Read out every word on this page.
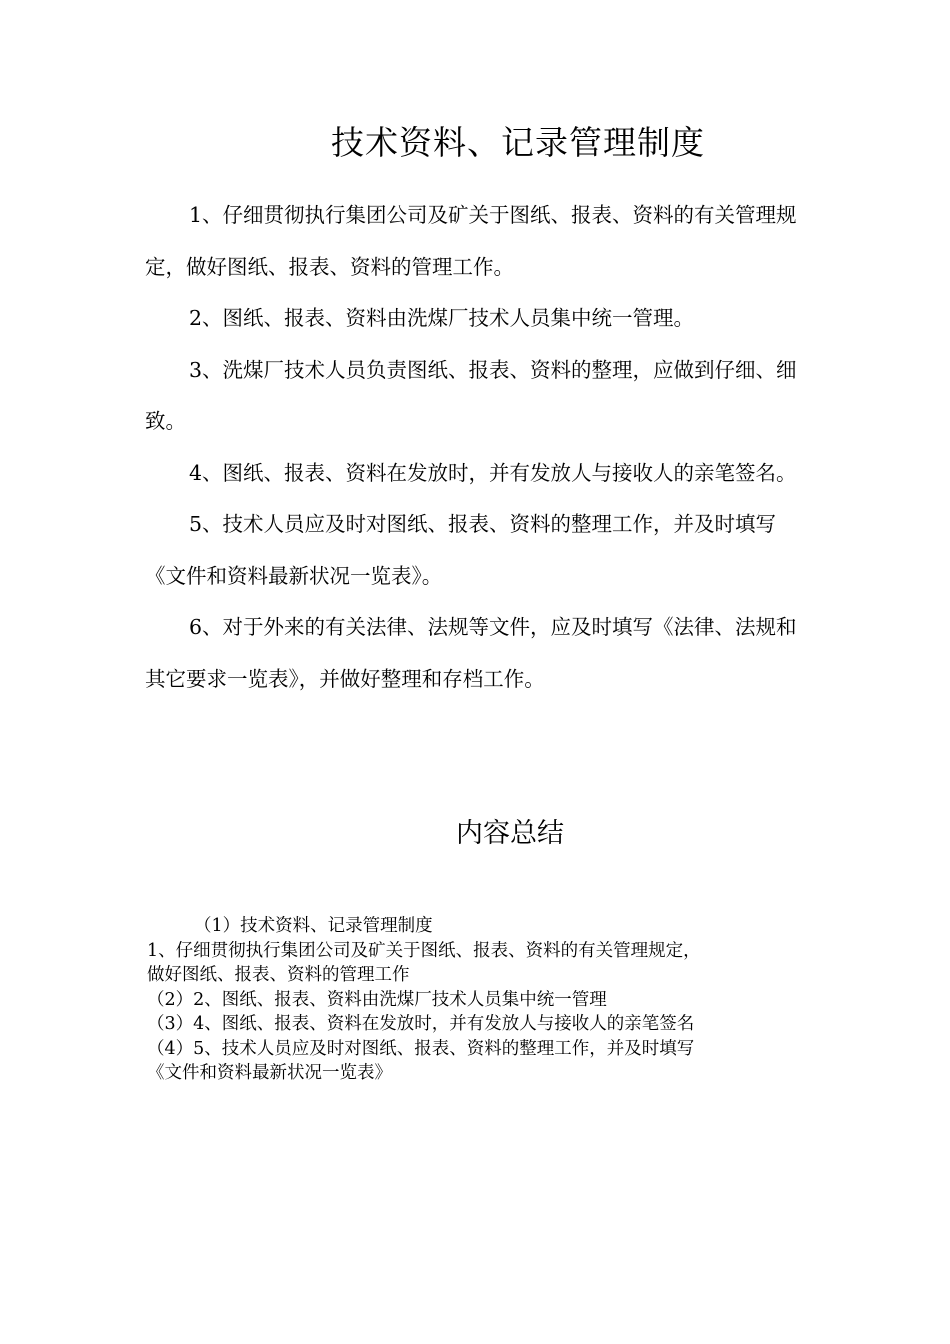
技术资料、记录管理制度

1、仔细贯彻执行集团公司及矿关于图纸、报表、资料的有关管理规定，做好图纸、报表、资料的管理工作。

2、图纸、报表、资料由洗煤厂技术人员集中统一管理。

3、洗煤厂技术人员负责图纸、报表、资料的整理，应做到仔细、细致。

4、图纸、报表、资料在发放时，并有发放人与接收人的亲笔签名。

5、技术人员应及时对图纸、报表、资料的整理工作，并及时填写《文件和资料最新状况一览表》。

6、对于外来的有关法律、法规等文件，应及时填写《法律、法规和其它要求一览表》，并做好整理和存档工作。

内容总结

（1）技术资料、记录管理制度

1、仔细贯彻执行集团公司及矿关于图纸、报表、资料的有关管理规定，

做好图纸、报表、资料的管理工作

（2）2、图纸、报表、资料由洗煤厂技术人员集中统一管理

（3）4、图纸、报表、资料在发放时，并有发放人与接收人的亲笔签名

（4）5、技术人员应及时对图纸、报表、资料的整理工作，并及时填写

《文件和资料最新状况一览表》
